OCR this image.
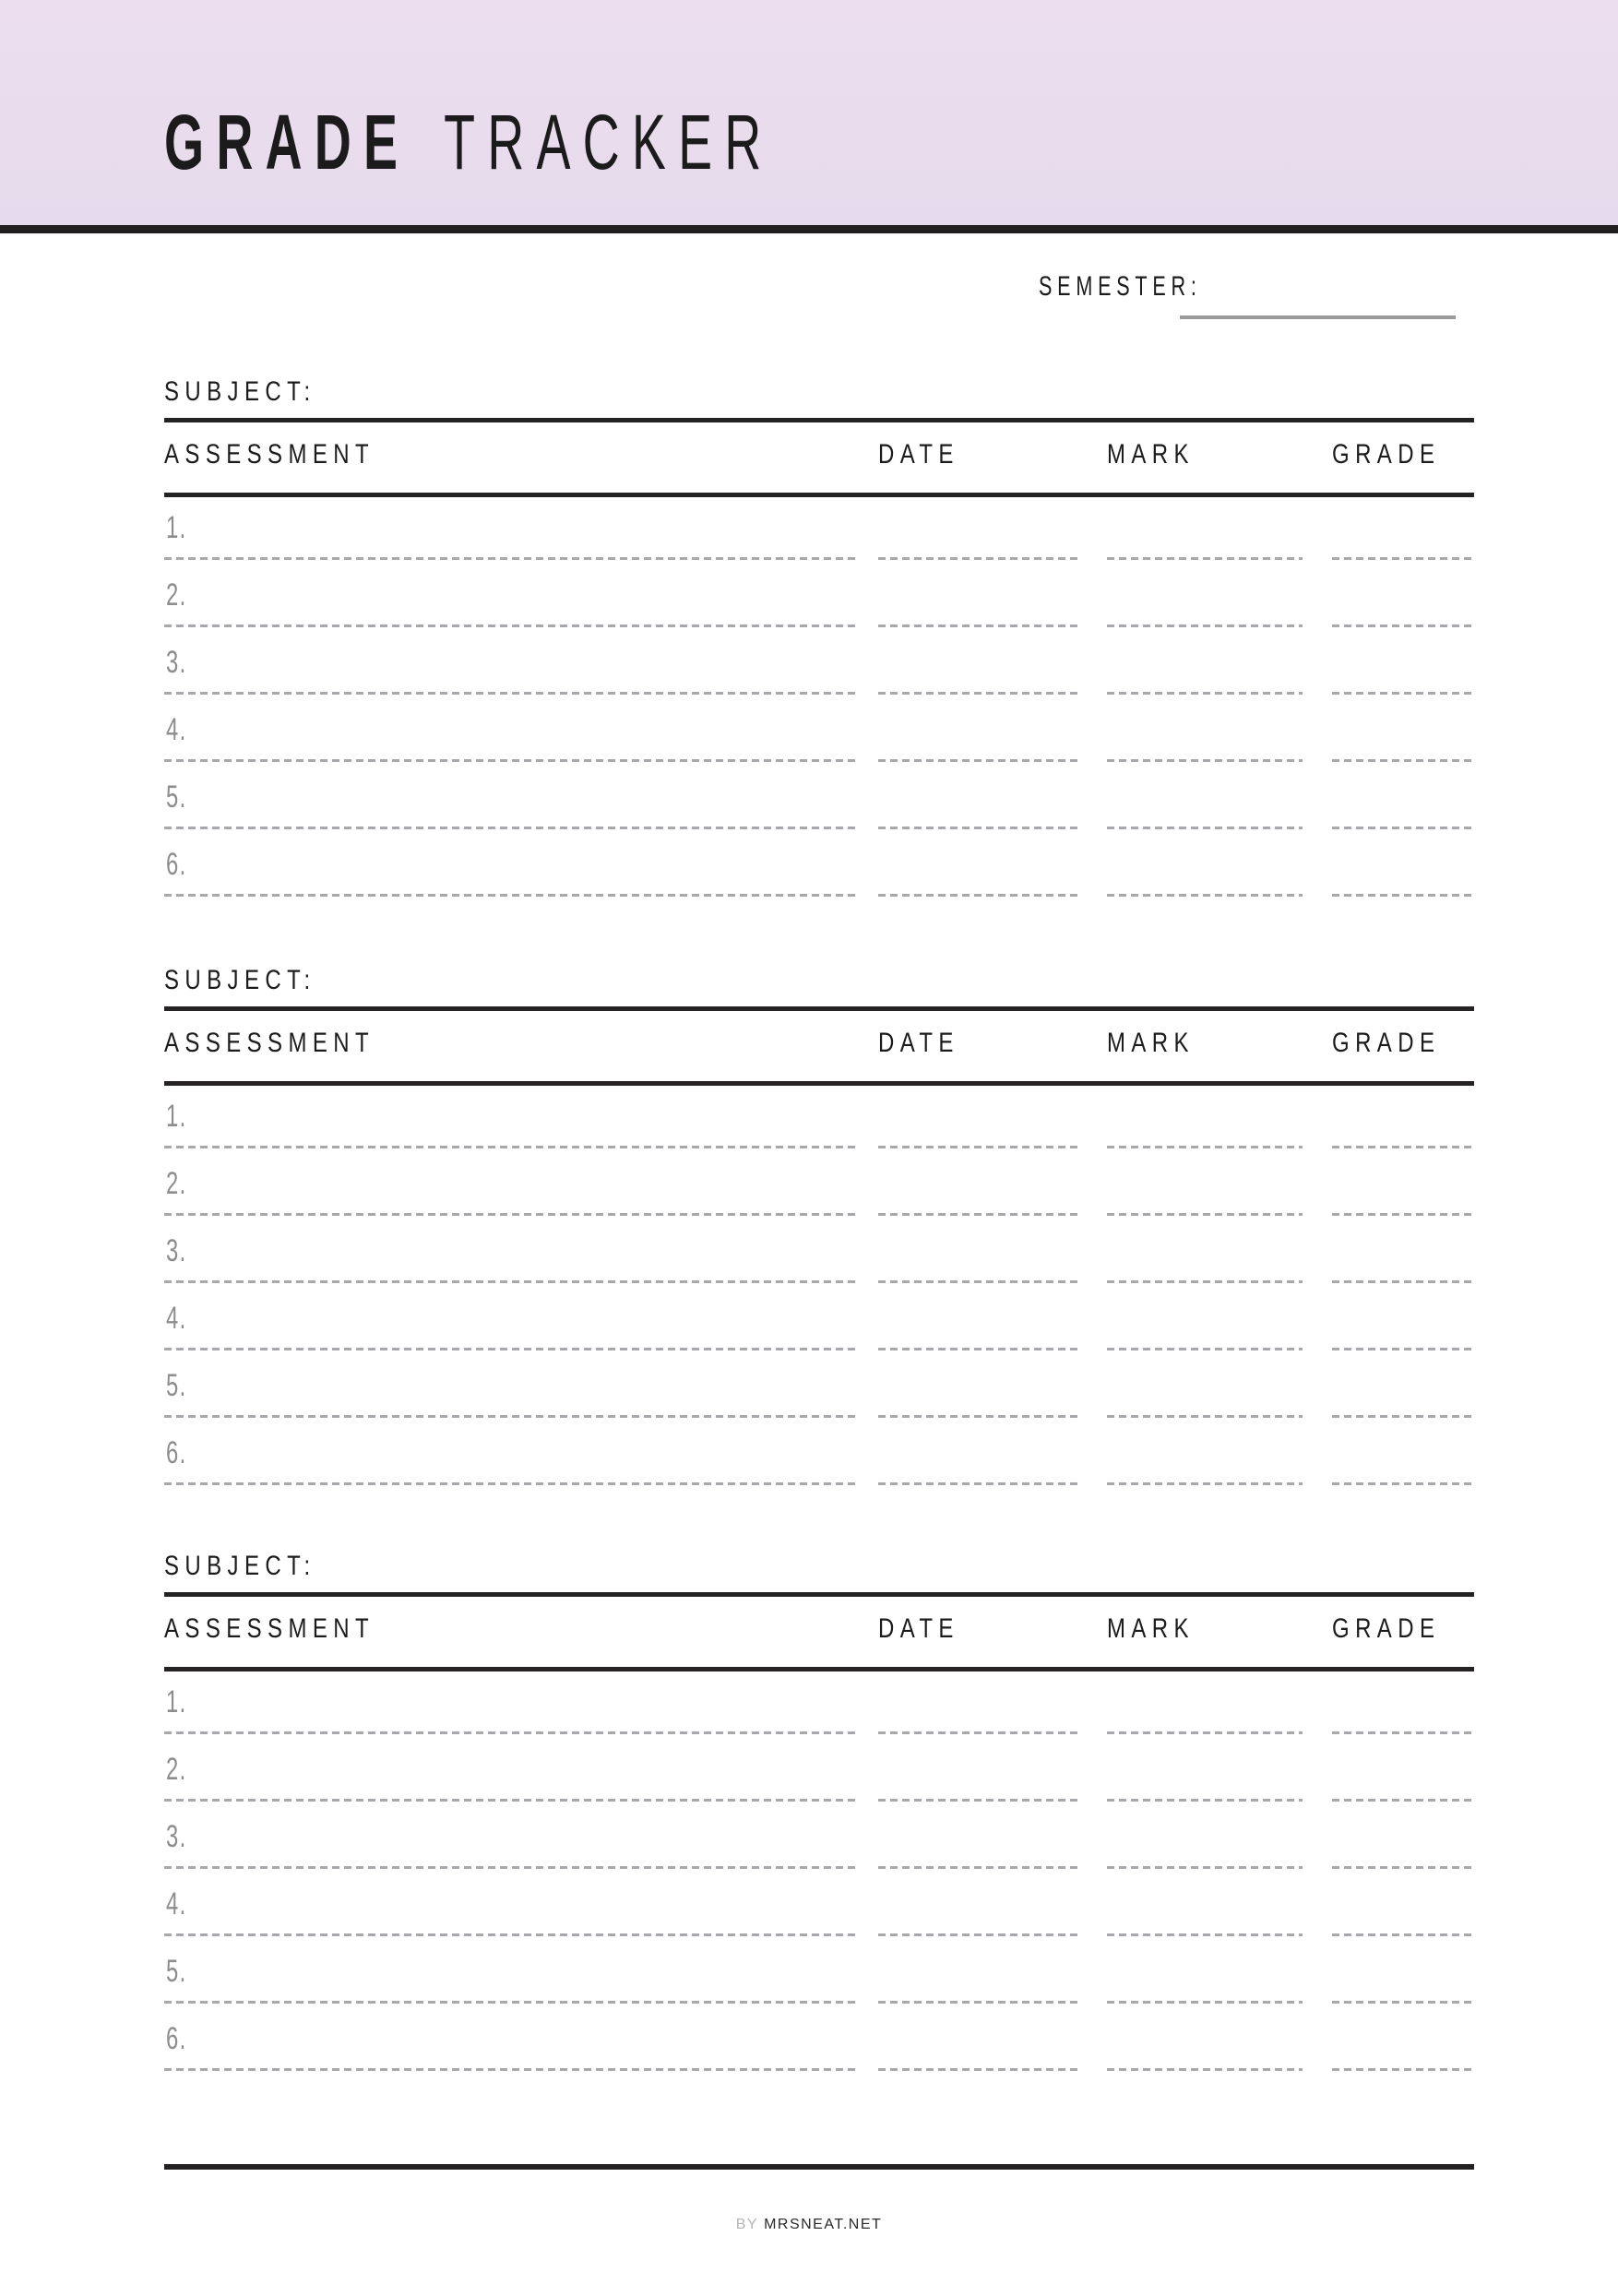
GRADE TRACKER
SEMESTER:
SUBJECT:
ASSESSMENT	DATE	MARK	GRADE
1.
2.
3.
4.
5.
6.
SUBJECT:
ASSESSMENT	DATE	MARK	GRADE
1.
2.
3.
4.
5.
6.
SUBJECT:
ASSESSMENT	DATE	MARK	GRADE
1.
2.
3.
4.
5.
6.
BY MRSNEAT.NET
